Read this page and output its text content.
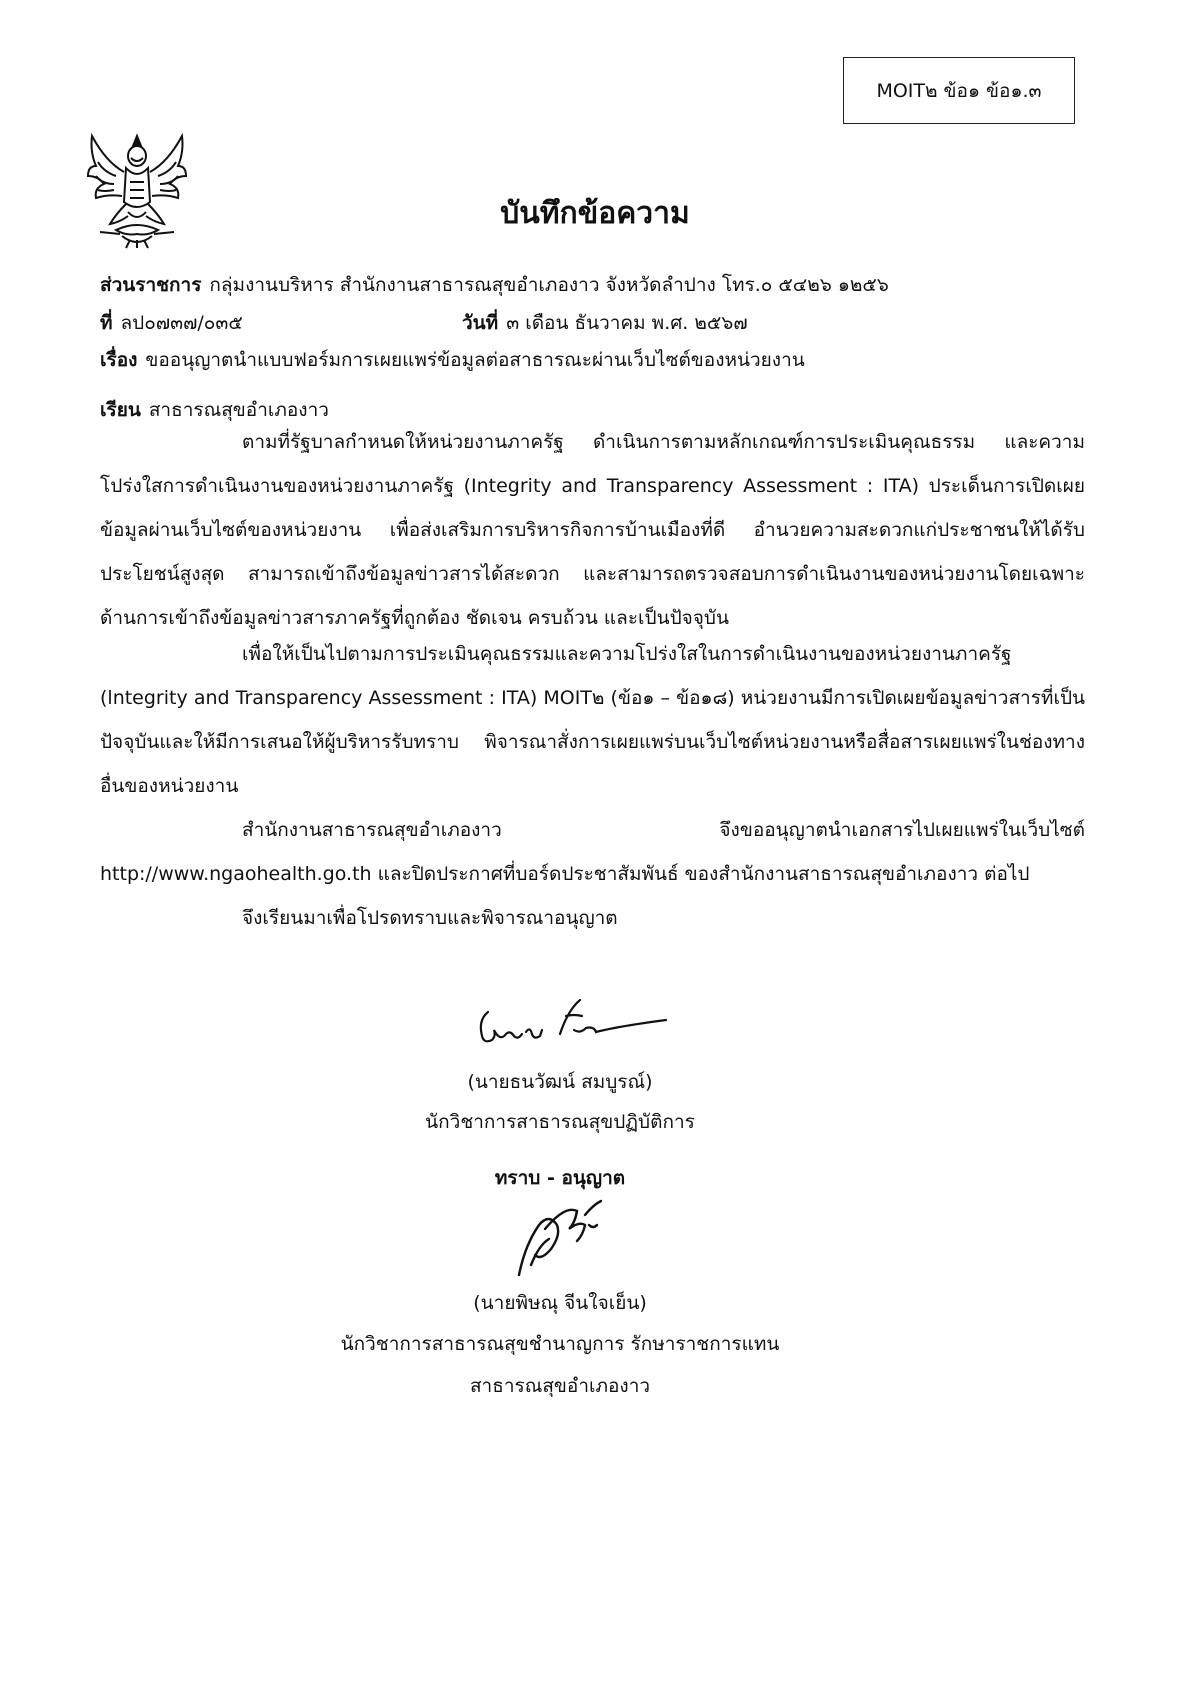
MOIT๒ ข้อ๑ ข้อ๑.๓
บันทึกข้อความ
ส่วนราชการ กลุ่มงานบริหาร สำนักงานสาธารณสุขอำเภองาว จังหวัดลำปาง โทร.๐ ๕๔๒๖ ๑๒๕๖
ที่ ลป๐๗๓๗/๐๓๕	วันที่ ๓ เดือน ธันวาคม พ.ศ. ๒๕๖๗
เรื่อง ขออนุญาตนำแบบฟอร์มการเผยแพร่ข้อมูลต่อสาธารณะผ่านเว็บไซต์ของหน่วยงาน
เรียน สาธารณสุขอำเภองาว
ตามที่รัฐบาลกำหนดให้หน่วยงานภาครัฐ ดำเนินการตามหลักเกณฑ์การประเมินคุณธรรม และความโปร่งใสการดำเนินงานของหน่วยงานภาครัฐ (Integrity and Transparency Assessment : ITA) ประเด็นการเปิดเผยข้อมูลผ่านเว็บไซต์ของหน่วยงาน เพื่อส่งเสริมการบริหารกิจการบ้านเมืองที่ดี อำนวยความสะดวกแก่ประชาชนให้ได้รับประโยชน์สูงสุด สามารถเข้าถึงข้อมูลข่าวสารได้สะดวก และสามารถตรวจสอบการดำเนินงานของหน่วยงานโดยเฉพาะด้านการเข้าถึงข้อมูลข่าวสารภาครัฐที่ถูกต้อง ชัดเจน ครบถ้วน และเป็นปัจจุบัน
เพื่อให้เป็นไปตามการประเมินคุณธรรมและความโปร่งใสในการดำเนินงานของหน่วยงานภาครัฐ (lntegrity and Transparency Assessment : ITA) MOIT๒ (ข้อ๑ – ข้อ๑๘) หน่วยงานมีการเปิดเผยข้อมูลข่าวสารที่เป็นปัจจุบันและให้มีการเสนอให้ผู้บริหารรับทราบ พิจารณาสั่งการเผยแพร่บนเว็บไซต์หน่วยงานหรือสื่อสารเผยแพร่ในช่องทางอื่นของหน่วยงาน
สำนักงานสาธารณสุขอำเภองาว จึงขออนุญาตนำเอกสารไปเผยแพร่ในเว็บไซต์ http://www.ngaohealth.go.th และปิดประกาศที่บอร์ดประชาสัมพันธ์ ของสำนักงานสาธารณสุขอำเภองาว ต่อไป
จึงเรียนมาเพื่อโปรดทราบและพิจารณาอนุญาต
(นายธนวัฒน์ สมบูรณ์)
นักวิชาการสาธารณสุขปฏิบัติการ
ทราบ - อนุญาต
(นายพิษณุ จีนใจเย็น)
นักวิชาการสาธารณสุขชำนาญการ รักษาราชการแทน
สาธารณสุขอำเภองาว
